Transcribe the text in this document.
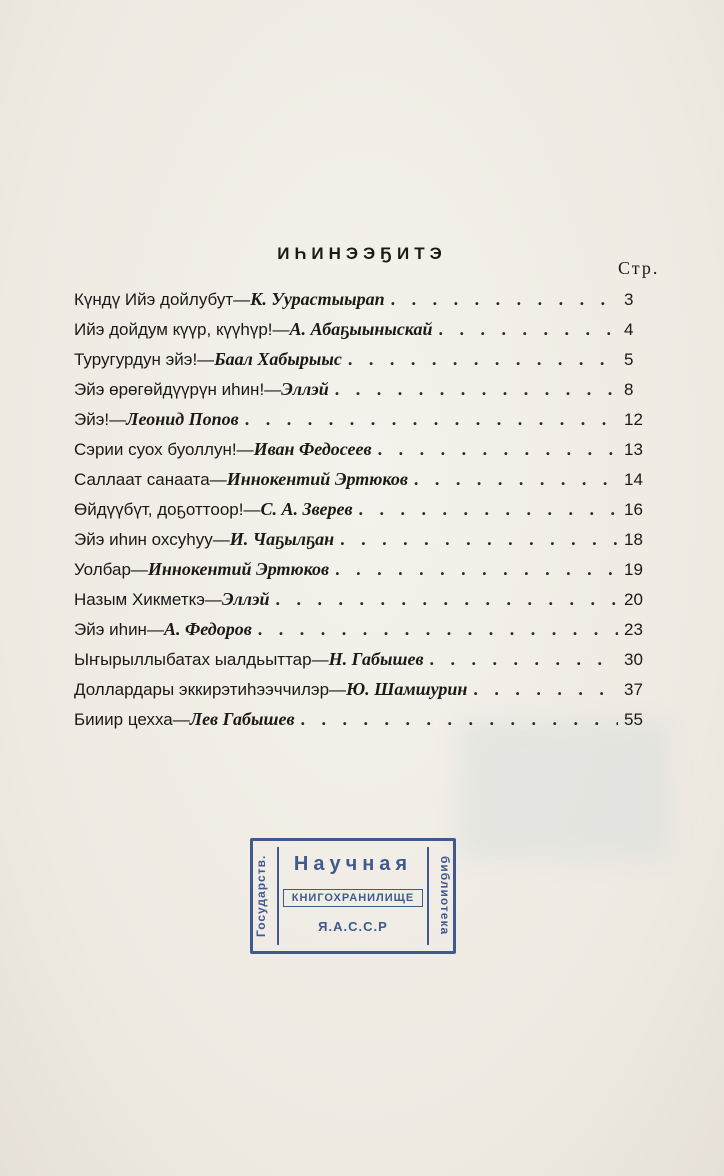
ИҺИНЭЭҔИТЭ
Стр.
Күндү Ийэ дойлубут—К. Уурастыырап . . .	3
Ийэ дойдум күүр, күүһүр!—А. Абаҕыыныскай . . .	4
Туругурдун эйэ!—Баал Хабырыыс . . .	5
Эйэ өрөгөйдүүрүн иһин!—Эллэй . . .	8
Эйэ!—Леонид Попов . . .	12
Сэрии суох буоллун!—Иван Федосеев . . .	13
Саллаат санаата—Иннокентий Эртюков . . .	14
Өйдүүбүт, доҕоттоор!—С. А. Зверев . . .	16
Эйэ иһин охсуһуу—И. Чаҕылҕан . . .	18
Уолбар—Иннокентий Эртюков . . .	19
Назым Хикметкэ—Эллэй . . .	20
Эйэ иһин—А. Федоров . . .	23
Ыҥырыллыбатах ыалдьыттар—Н. Габышев . . .	30
Доллардары эккирэтиһээччилэр—Ю. Шамшурин . . .	37
Бииир цехха—Лев Габышев . . .	55
Государств.	Научная
КНИГОХРАНИЛИЩЕ
Я.А.С.С.Р	библиотека
